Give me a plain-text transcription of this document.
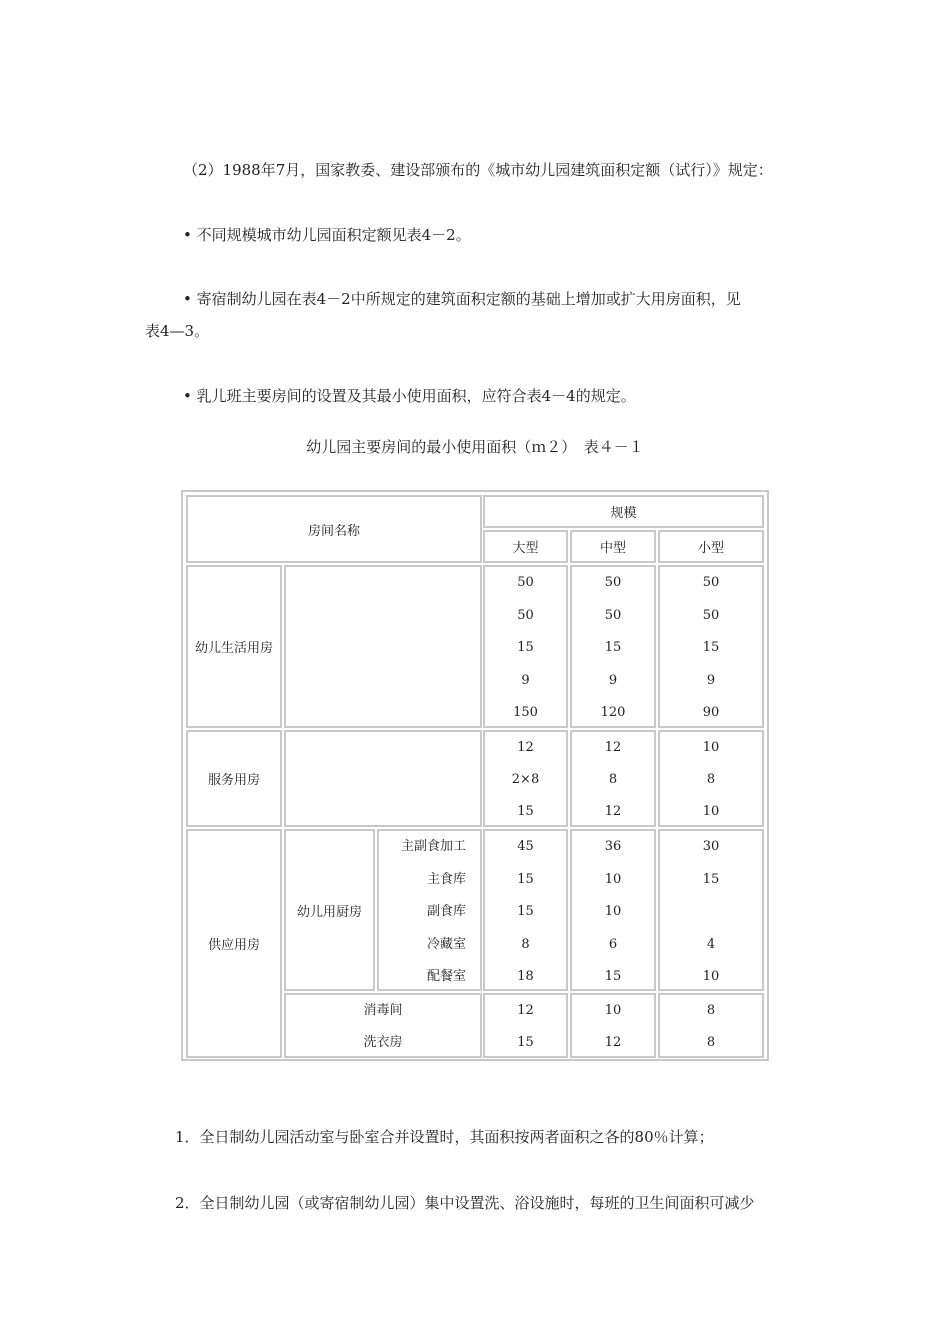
（2）1988年7月，国家教委、建设部颁布的《城市幼儿园建筑面积定额（试行）》规定：

• 不同规模城市幼儿园面积定额见表4－2。

• 寄宿制幼儿园在表4－2中所规定的建筑面积定额的基础上增加或扩大用房面积，见

表4—3。

• 乳儿班主要房间的设置及其最小使用面积，应符合表4－4的规定。

幼儿园主要房间的最小使用面积（ｍ２）　表４－１

房间名称
规模
大型	中型	小型
幼儿生活用房
50
50
15
9
150
50
50
15
9
120
50
50
15
9
90
服务用房
12
2×8
15
12
8
12
10
8
10
供应用房
幼儿用厨房
主副食加工
主食库
副食库
冷藏室
配餐室
45
15
15
8
18
36
10
10
6
15
30
15
4
10
消毒间
洗衣房
12
15
10
12
8
8

1．全日制幼儿园活动室与卧室合并设置时，其面积按两者面积之各的80％计算；

2．全日制幼儿园（或寄宿制幼儿园）集中设置洗、浴设施时，每班的卫生间面积可减少
